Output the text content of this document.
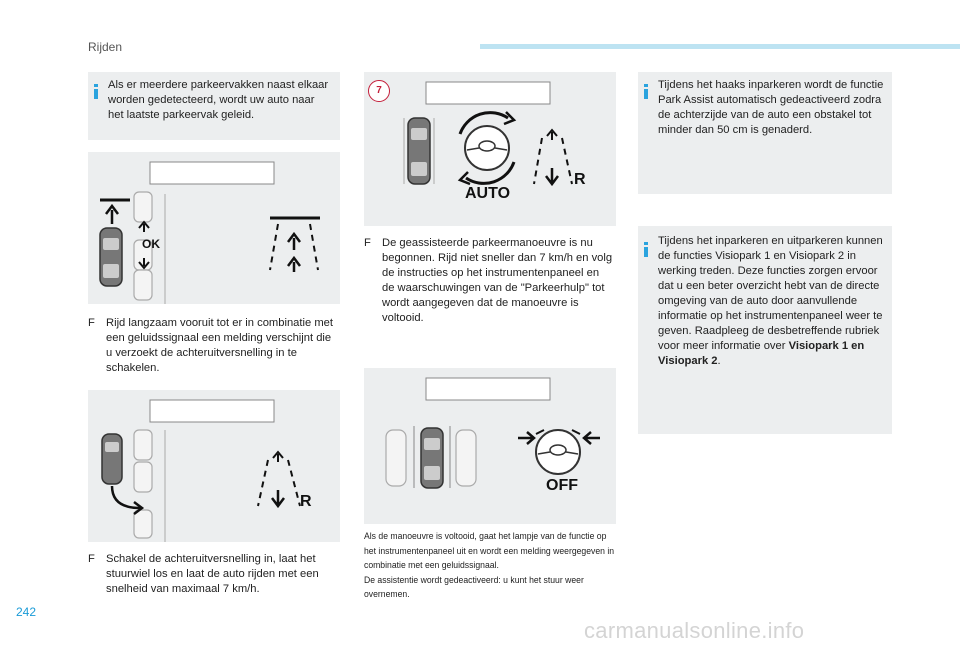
Rijden
Als er meerdere parkeervakken naast elkaar worden gedetecteerd, wordt uw auto naar het laatste parkeervak geleid.
OK
F Rijd langzaam vooruit tot er in combinatie met een geluidssignaal een melding verschijnt die u verzoekt de achteruitversnelling in te schakelen.
R
F Schakel de achteruitversnelling in, laat het stuurwiel los en laat de auto rijden met een snelheid van maximaal 7 km/h.
7
AUTO
R
F De geassisteerde parkeermanoeuvre is nu begonnen. Rijd niet sneller dan 7 km/h en volg de instructies op het instrumentenpaneel en de waarschuwingen van de "Parkeerhulp" tot wordt aangegeven dat de manoeuvre is voltooid.
OFF
Als de manoeuvre is voltooid, gaat het lampje van de functie op het instrumentenpaneel uit en wordt een melding weergegeven in combinatie met een geluidssignaal.
De assistentie wordt gedeactiveerd: u kunt het stuur weer overnemen.
Tijdens het haaks inparkeren wordt de functie Park Assist automatisch gedeactiveerd zodra de achterzijde van de auto een obstakel tot minder dan 50 cm is genaderd.
Tijdens het inparkeren en uitparkeren kunnen de functies Visiopark 1 en Visiopark 2 in werking treden. Deze functies zorgen ervoor dat u een beter overzicht hebt van de directe omgeving van de auto door aanvullende informatie op het instrumentenpaneel weer te geven. Raadpleeg de desbetreffende rubriek voor meer informatie over Visiopark 1 en Visiopark 2.
242
carmanualsonline.info
